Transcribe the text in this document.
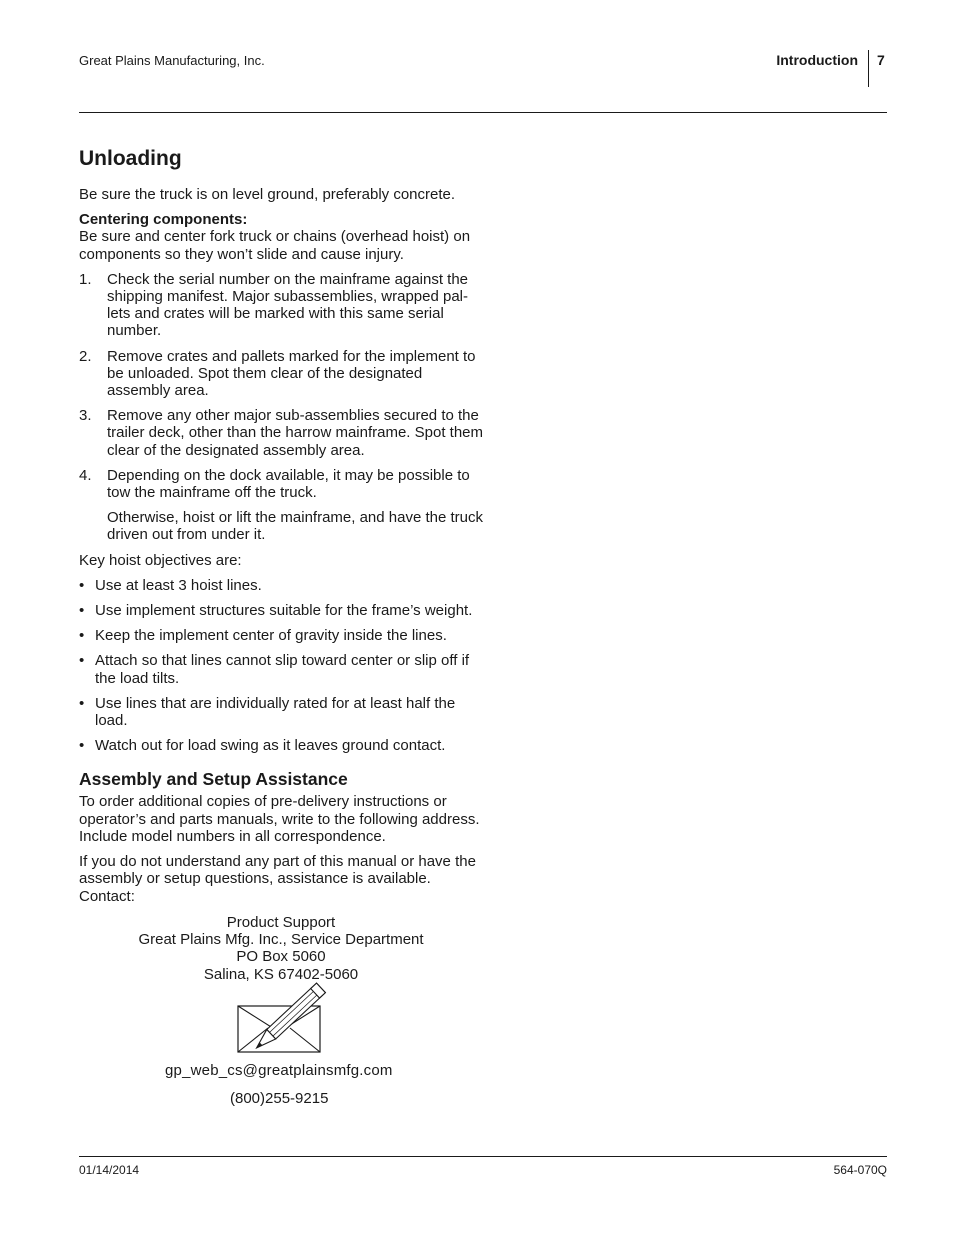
Great Plains Manufacturing, Inc.	Introduction 7
Unloading

Be sure the truck is on level ground, preferably concrete.

Centering components:
Be sure and center fork truck or chains (overhead hoist) on components so they won’t slide and cause injury.

1. Check the serial number on the mainframe against the shipping manifest. Major subassemblies, wrapped pal-lets and crates will be marked with this same serial number.
2. Remove crates and pallets marked for the implement to be unloaded. Spot them clear of the designated assembly area.
3. Remove any other major sub-assemblies secured to the trailer deck, other than the harrow mainframe. Spot them clear of the designated assembly area.
4. Depending on the dock available, it may be possible to tow the mainframe off the truck.

Otherwise, hoist or lift the mainframe, and have the truck driven out from under it.

Key hoist objectives are:

• Use at least 3 hoist lines.
• Use implement structures suitable for the frame’s weight.
• Keep the implement center of gravity inside the lines.
• Attach so that lines cannot slip toward center or slip off if the load tilts.
• Use lines that are individually rated for at least half the load.
• Watch out for load swing as it leaves ground contact.
Assembly and Setup Assistance

To order additional copies of pre-delivery instructions or operator’s and parts manuals, write to the following address. Include model numbers in all correspondence.

If you do not understand any part of this manual or have the assembly or setup questions, assistance is available. Contact:

Product Support
Great Plains Mfg. Inc., Service Department
PO Box 5060
Salina, KS 67402-5060
gp_web_cs@greatplainsmfg.com
(800)255-9215
01/14/2014	564-070Q
